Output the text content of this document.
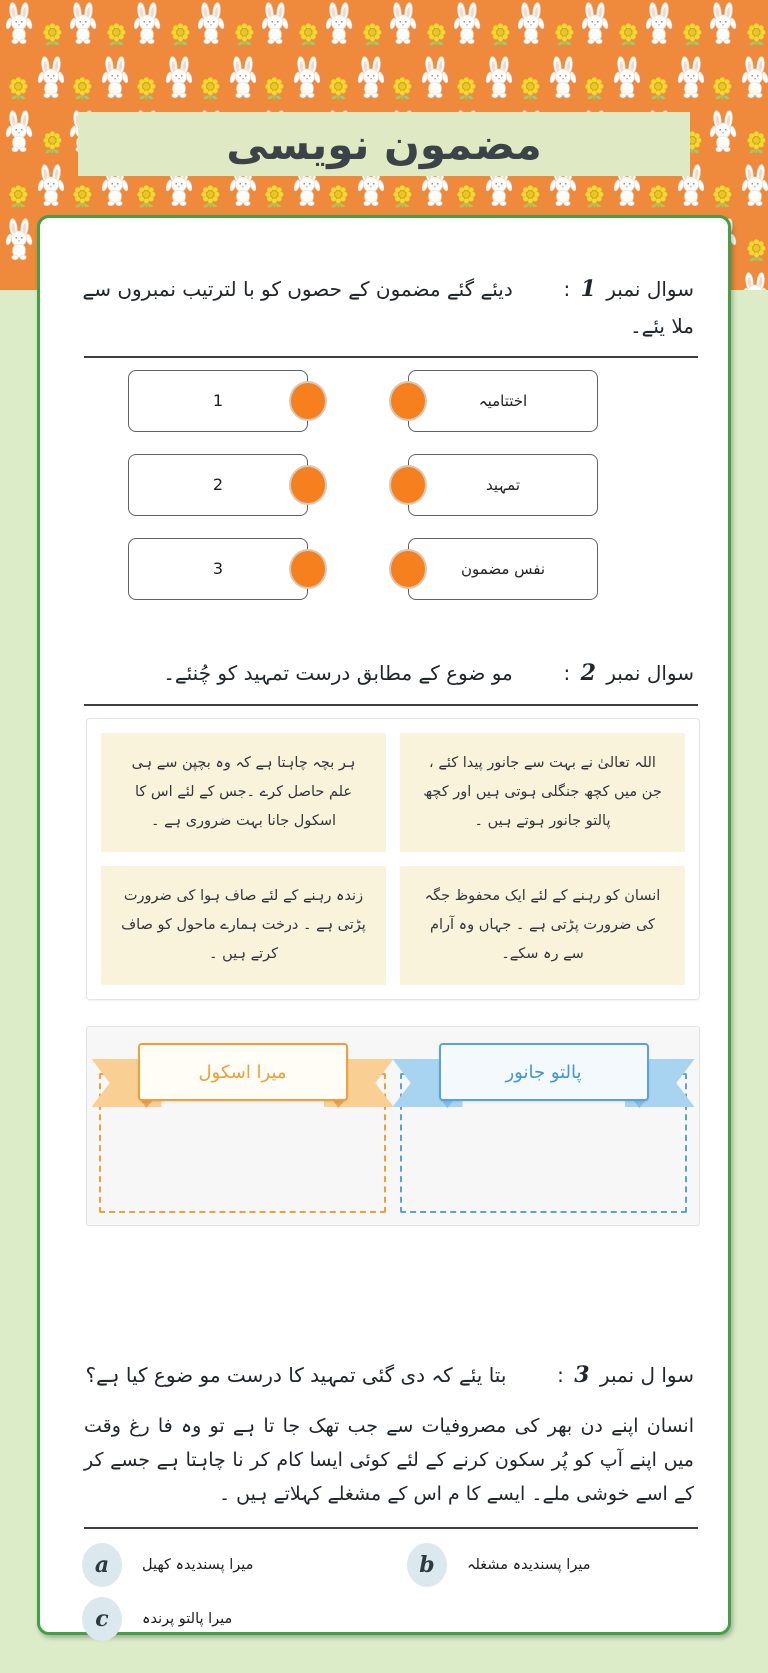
مضمون نویسی
سوال نمبر 1 :  دیئے گئے مضمون کے حصوں کو با لترتیب نمبروں سے ملا یئے۔
1	اختتامیہ
2	تمہید
3	نفس مضمون
سوال نمبر 2 :  مو ضوع کے مطابق درست تمہید کو چُنئے۔
اللہ تعالیٰ نے بہت سے جانور پیدا کئے ، جن میں کچھ جنگلی ہوتی ہیں اور کچھ پالتو جانور ہوتے ہیں ۔
ہر بچہ چاہتا ہے کہ وہ بچپن سے ہی علم حاصل کرے ۔جس کے لئے اس کا اسکول جانا بہت ضروری ہے ۔
انسان کو رہنے کے لئے ایک محفوظ جگہ کی ضرورت پڑتی ہے ۔ جہاں وہ آرام سے رہ سکے۔
زندہ رہنے کے لئے صاف ہوا کی ضرورت پڑتی ہے ۔ درخت ہمارے ماحول کو صاف کرتے ہیں ۔
میرا اسکول	پالتو جانور
سوا ل نمبر 3 :  بتا یئے کہ دی گئی تمہید کا درست مو ضوع کیا ہے؟

انسان اپنے دن بھر کی مصروفیات سے جب تھک جا تا ہے تو وہ فا رغ وقت میں اپنے آپ کو پُر سکون کرنے کے لئے کوئی ایسا کام کر نا چاہتا ہے جسے کر کے اسے خوشی ملے۔ ایسے کا م اس کے مشغلے کہلاتے ہیں ۔

a	میرا پسندیدہ کھیل	b	میرا پسندیدہ مشغلہ
c	میرا پالتو پرندہ
